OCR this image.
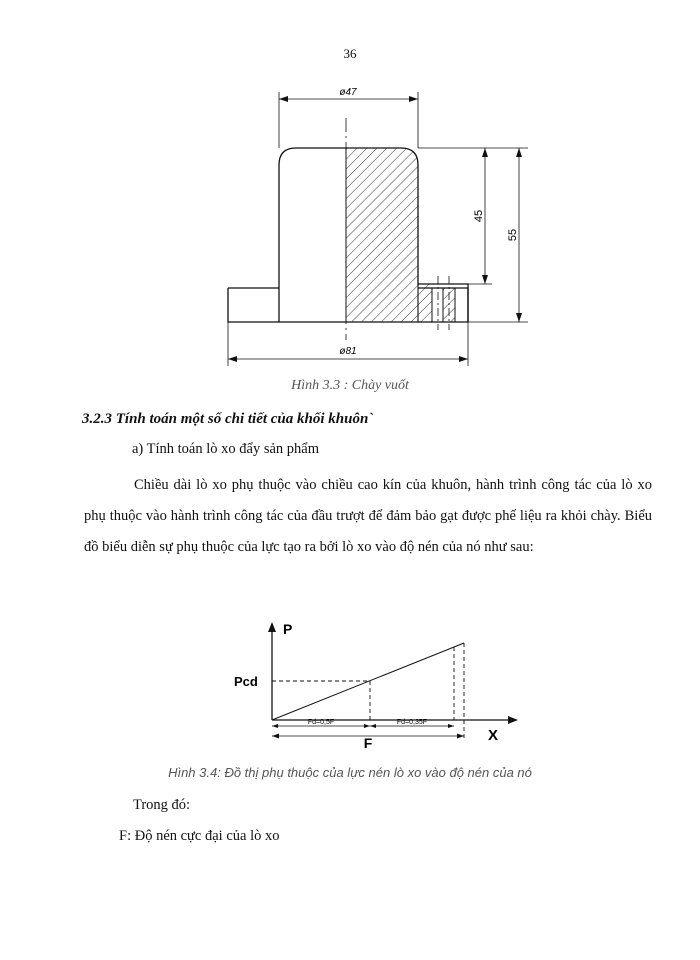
36
ø47
ø81
45
55
Hình 3.3 : Chày vuốt
3.2.3 Tính toán một số chi tiết của khối khuôn`
a) Tính toán lò xo đẩy sản phẩm
Chiều dài lò xo phụ thuộc vào chiều cao kín của khuôn, hành trình công tác của lò xo phụ thuộc vào hành trình công tác của đầu trượt để đảm bảo gạt được phế liệu ra khỏi chày. Biểu đồ biểu diễn sự phụ thuộc của lực tạo ra bởi lò xo vào độ nén của nó như sau:
P
X
Pcd
Fd=0,5F	Fd=0,35F
F
Hình 3.4: Đồ thị phụ thuộc của lực nén lò xo vào độ nén của nó
Trong đó:
F: Độ nén cực đại của lò xo
